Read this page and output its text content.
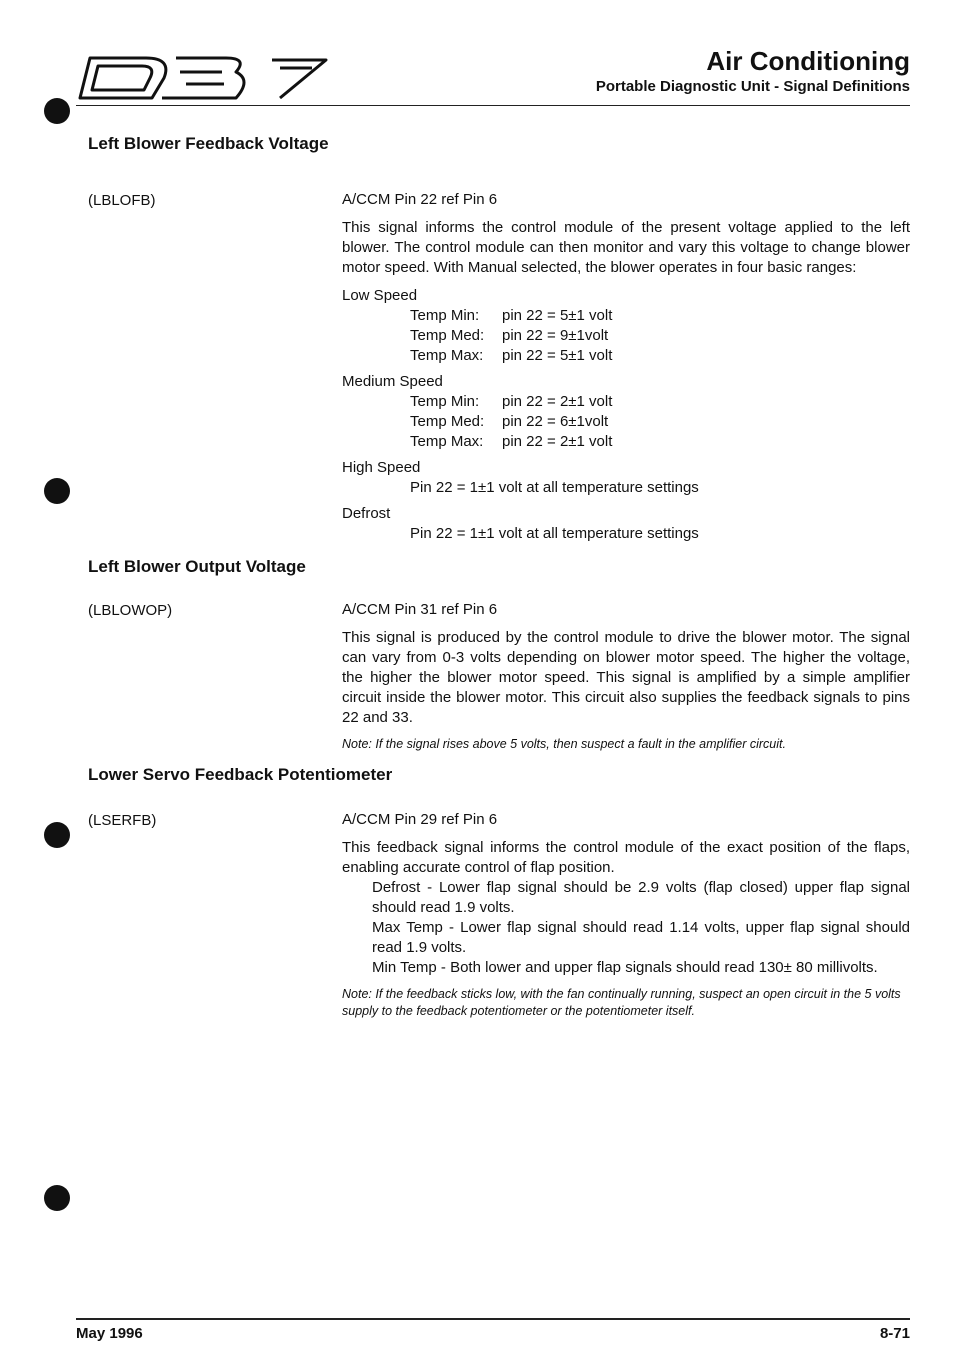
Air Conditioning
Portable Diagnostic Unit - Signal Definitions
Left Blower Feedback Voltage
(LBLOFB)	A/CCM Pin 22 ref Pin 6

This signal informs the control module of the present voltage applied to the left blower. The control module can then monitor and vary this voltage to change blower motor speed. With Manual selected, the blower operates in four basic ranges:

Low Speed
Temp Min:	pin 22 = 5±1 volt
Temp Med:	pin 22 = 9±1volt
Temp Max:	pin 22 = 5±1 volt
Medium Speed
Temp Min:	pin 22 = 2±1 volt
Temp Med:	pin 22 = 6±1volt
Temp Max:	pin 22 = 2±1 volt
High Speed
Pin 22 = 1±1 volt at all temperature settings
Defrost
Pin 22 = 1±1 volt at all temperature settings
Left Blower Output Voltage
(LBLOWOP)	A/CCM Pin 31 ref Pin 6

This signal is produced by the control module to drive the blower motor. The signal can vary from 0-3 volts depending on blower motor speed. The higher the voltage, the higher the blower motor speed. This signal is amplified by a simple amplifier circuit inside the blower motor. This circuit also supplies the feedback signals to pins 22 and 33.

Note: If the signal rises above 5 volts, then suspect a fault in the amplifier circuit.
Lower Servo Feedback Potentiometer
(LSERFB)	A/CCM Pin 29 ref Pin 6

This feedback signal informs the control module of the exact position of the flaps, enabling accurate control of flap position.

Defrost - Lower flap signal should be 2.9 volts (flap closed) upper flap signal should read 1.9 volts.
Max Temp - Lower flap signal should read 1.14 volts, upper flap signal should read 1.9 volts.
Min Temp - Both lower and upper flap signals should read 130± 80 millivolts.
Note: If the feedback sticks low, with the fan continually running, suspect an open circuit in the 5 volts supply to the feedback potentiometer or the potentiometer itself.
May 1996	8-71
